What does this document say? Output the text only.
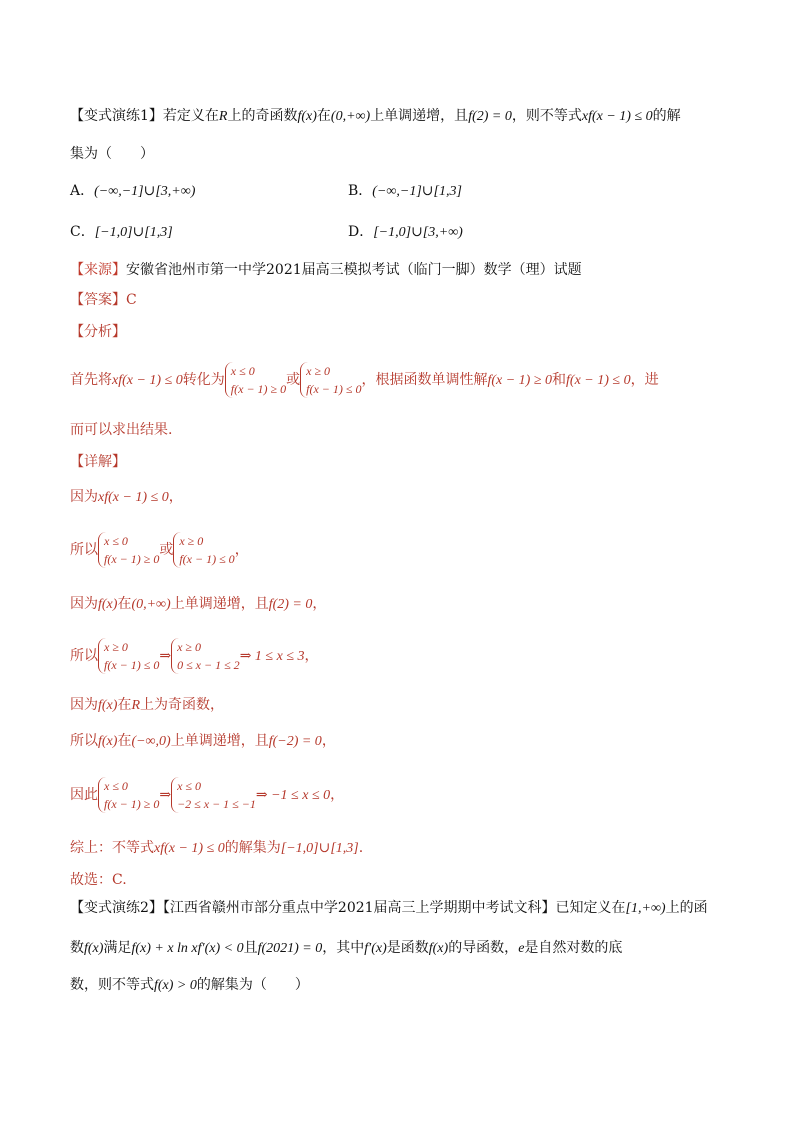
【变式演练1】若定义在R上的奇函数f(x)在(0,+∞)上单调递增，且f(2) = 0，则不等式xf(x − 1) ≤ 0的解
集为（　　）
A．(−∞,−1]∪[3,+∞)	B．(−∞,−1]∪[1,3]
C．[−1,0]∪[1,3]	D．[−1,0]∪[3,+∞)
【来源】安徽省池州市第一中学2021届高三模拟考试（临门一脚）数学（理）试题
【答案】C
【分析】
首先将xf(x − 1) ≤ 0转化为x ≤ 0
f(x − 1) ≥ 0或x ≥ 0
f(x − 1) ≤ 0，根据函数单调性解f(x − 1) ≥ 0和f(x − 1) ≤ 0，进
而可以求出结果.
【详解】
因为xf(x − 1) ≤ 0，
所以x ≤ 0
f(x − 1) ≥ 0或x ≥ 0
f(x − 1) ≤ 0，
因为f(x)在(0,+∞)上单调递增，且f(2) = 0，
所以x ≥ 0
f(x − 1) ≤ 0⇒x ≥ 0
0 ≤ x − 1 ≤ 2⇒ 1 ≤ x ≤ 3，
因为f(x)在R上为奇函数，
所以f(x)在(−∞,0)上单调递增，且f(−2) = 0，
因此x ≤ 0
f(x − 1) ≥ 0⇒x ≤ 0
−2 ≤ x − 1 ≤ −1⇒ −1 ≤ x ≤ 0，
综上：不等式xf(x − 1) ≤ 0的解集为[−1,0]∪[1,3].
故选：C.
【变式演练2】【江西省赣州市部分重点中学2021届高三上学期期中考试文科】已知定义在[1,+∞)上的函
数f(x)满足f(x) + x ln xf′(x) < 0且f(2021) = 0，其中f′(x)是函数f(x)的导函数，e是自然对数的底
数，则不等式f(x) > 0的解集为（　　）
